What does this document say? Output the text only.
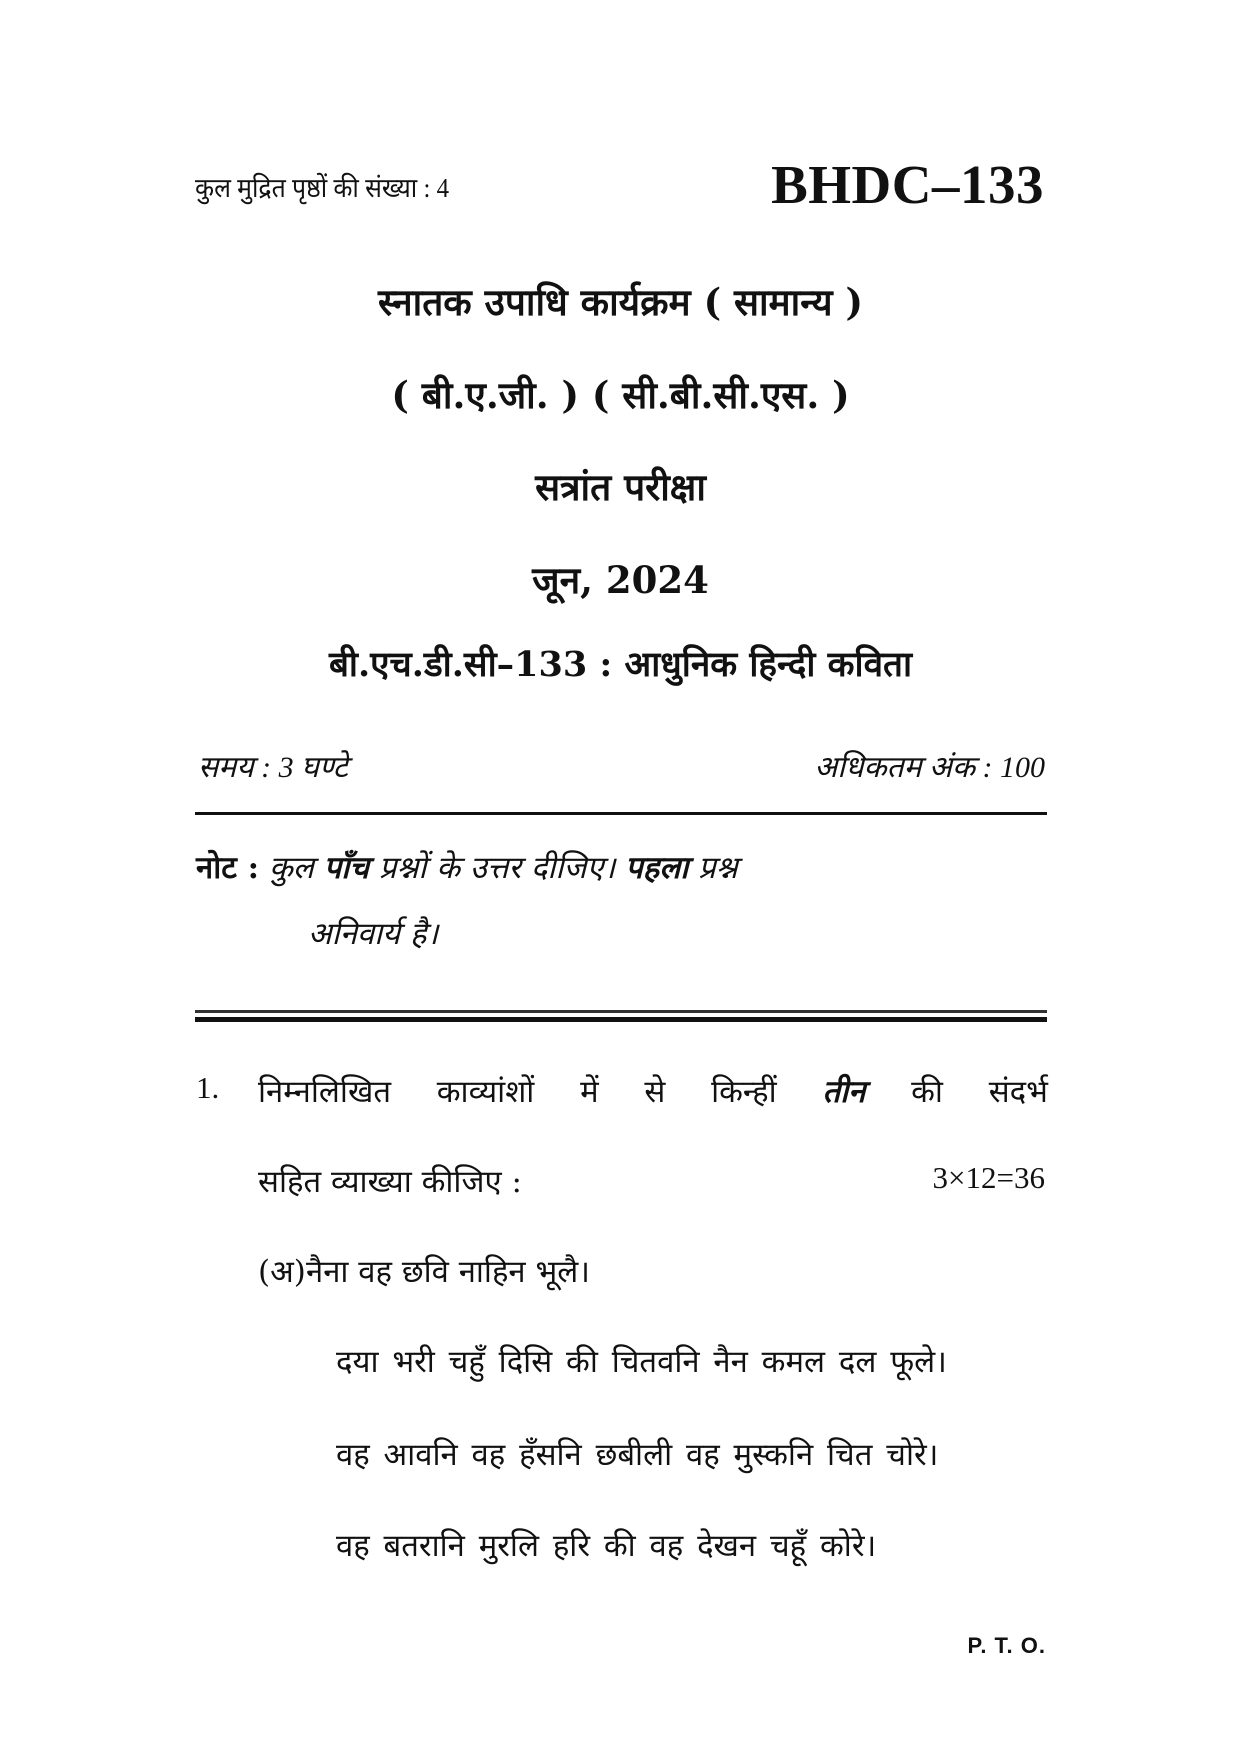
कुल मुद्रित पृष्ठों की संख्या : 4	BHDC–133
स्नातक उपाधि कार्यक्रम ( सामान्य )
( बी.ए.जी. ) ( सी.बी.सी.एस. )
सत्रांत परीक्षा
जून, 2024
बी.एच.डी.सी–133 : आधुनिक हिन्दी कविता
समय : 3 घण्टे	अधिकतम अंक : 100
नोट : कुल पाँच प्रश्नों के उत्तर दीजिए। पहला प्रश्न
अनिवार्य है।
1. निम्नलिखित काव्यांशों में से किन्हीं तीन की संदर्भ
सहित व्याख्या कीजिए :	3×12=36
(अ) नैना वह छवि नाहिन भूलै।
दया भरी चहुँ दिसि की चितवनि नैन कमल दल फूले।
वह आवनि वह हँसनि छबीली वह मुस्कनि चित चोरे।
वह बतरानि मुरलि हरि की वह देखन चहूँ कोरे।
P. T. O.
